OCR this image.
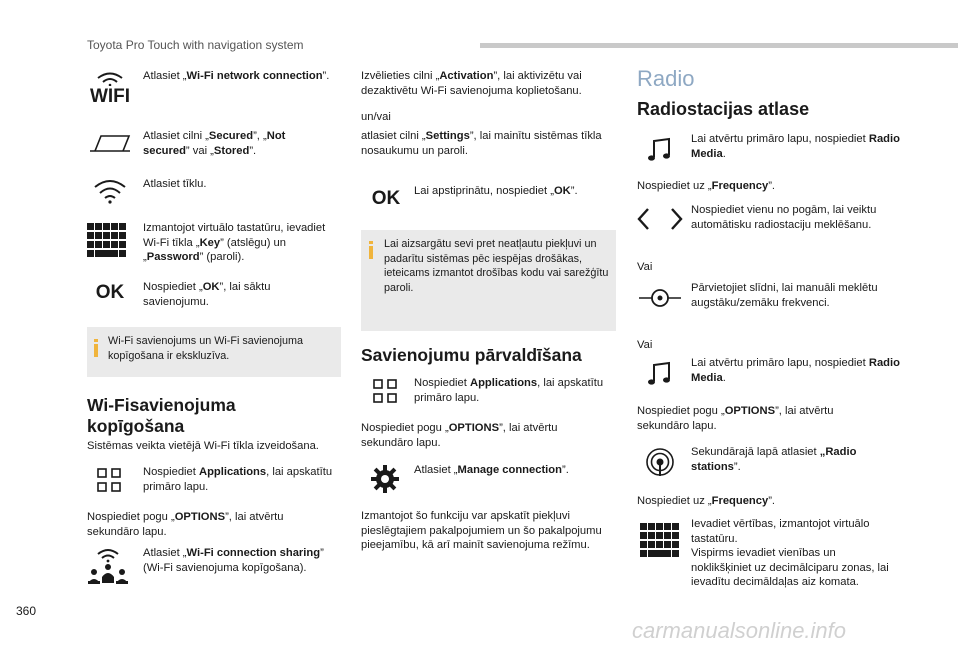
Toyota Pro Touch with navigation system
WIFI
Atlasiet „Wi-Fi network connection”.
Atlasiet cilni „Secured”, „Not secured” vai „Stored”.
Atlasiet tīklu.
Izmantojot virtuālo tastatūru, ievadiet Wi-Fi tīkla „Key” (atslēgu) un „Password” (paroli).
OK	Nospiediet „OK”, lai sāktu savienojumu.
Wi-Fi savienojums un Wi-Fi savienojuma kopīgošana ir ekskluzīva.
Wi-Fisavienojuma kopīgošana
Sistēmas veikta vietējā Wi-Fi tīkla izveidošana.
Nospiediet Applications, lai apskatītu primāro lapu.
Nospiediet pogu „OPTIONS”, lai atvērtu sekundāro lapu.
Atlasiet „Wi-Fi connection sharing” (Wi-Fi savienojuma kopīgošana).
Izvēlieties cilni „Activation”, lai aktivizētu vai dezaktivētu Wi-Fi savienojuma koplietošanu.
un/vai
atlasiet cilni „Settings”, lai mainītu sistēmas tīkla nosaukumu un paroli.
OK	Lai apstiprinātu, nospiediet „OK”.
Lai aizsargātu sevi pret neatļautu piekļuvi un padarītu sistēmas pēc iespējas drošākas, ieteicams izmantot drošības kodu vai sarežģītu paroli.
Savienojumu pārvaldīšana
Nospiediet Applications, lai apskatītu primāro lapu.
Nospiediet pogu „OPTIONS”, lai atvērtu sekundāro lapu.
Atlasiet „Manage connection”.
Izmantojot šo funkciju var apskatīt piekļuvi pieslēgtajiem pakalpojumiem un šo pakalpojumu pieejamību, kā arī mainīt savienojuma režīmu.
Radio
Radiostacijas atlase
Lai atvērtu primāro lapu, nospiediet Radio Media.
Nospiediet uz „Frequency”.
Nospiediet vienu no pogām, lai veiktu automātisku radiostaciju meklēšanu.
Vai
Pārvietojiet slīdni, lai manuāli meklētu augstāku/zemāku frekvenci.
Vai
Lai atvērtu primāro lapu, nospiediet Radio Media.
Nospiediet pogu „OPTIONS”, lai atvērtu sekundāro lapu.
Sekundārajā lapā atlasiet „Radio stations”.
Nospiediet uz „Frequency”.
Ievadiet vērtības, izmantojot virtuālo tastatūru.
Vispirms ievadiet vienības un noklikšķiniet uz decimālciparu zonas, lai ievadītu decimāldaļas aiz komata.
360
carmanualsonline.info
